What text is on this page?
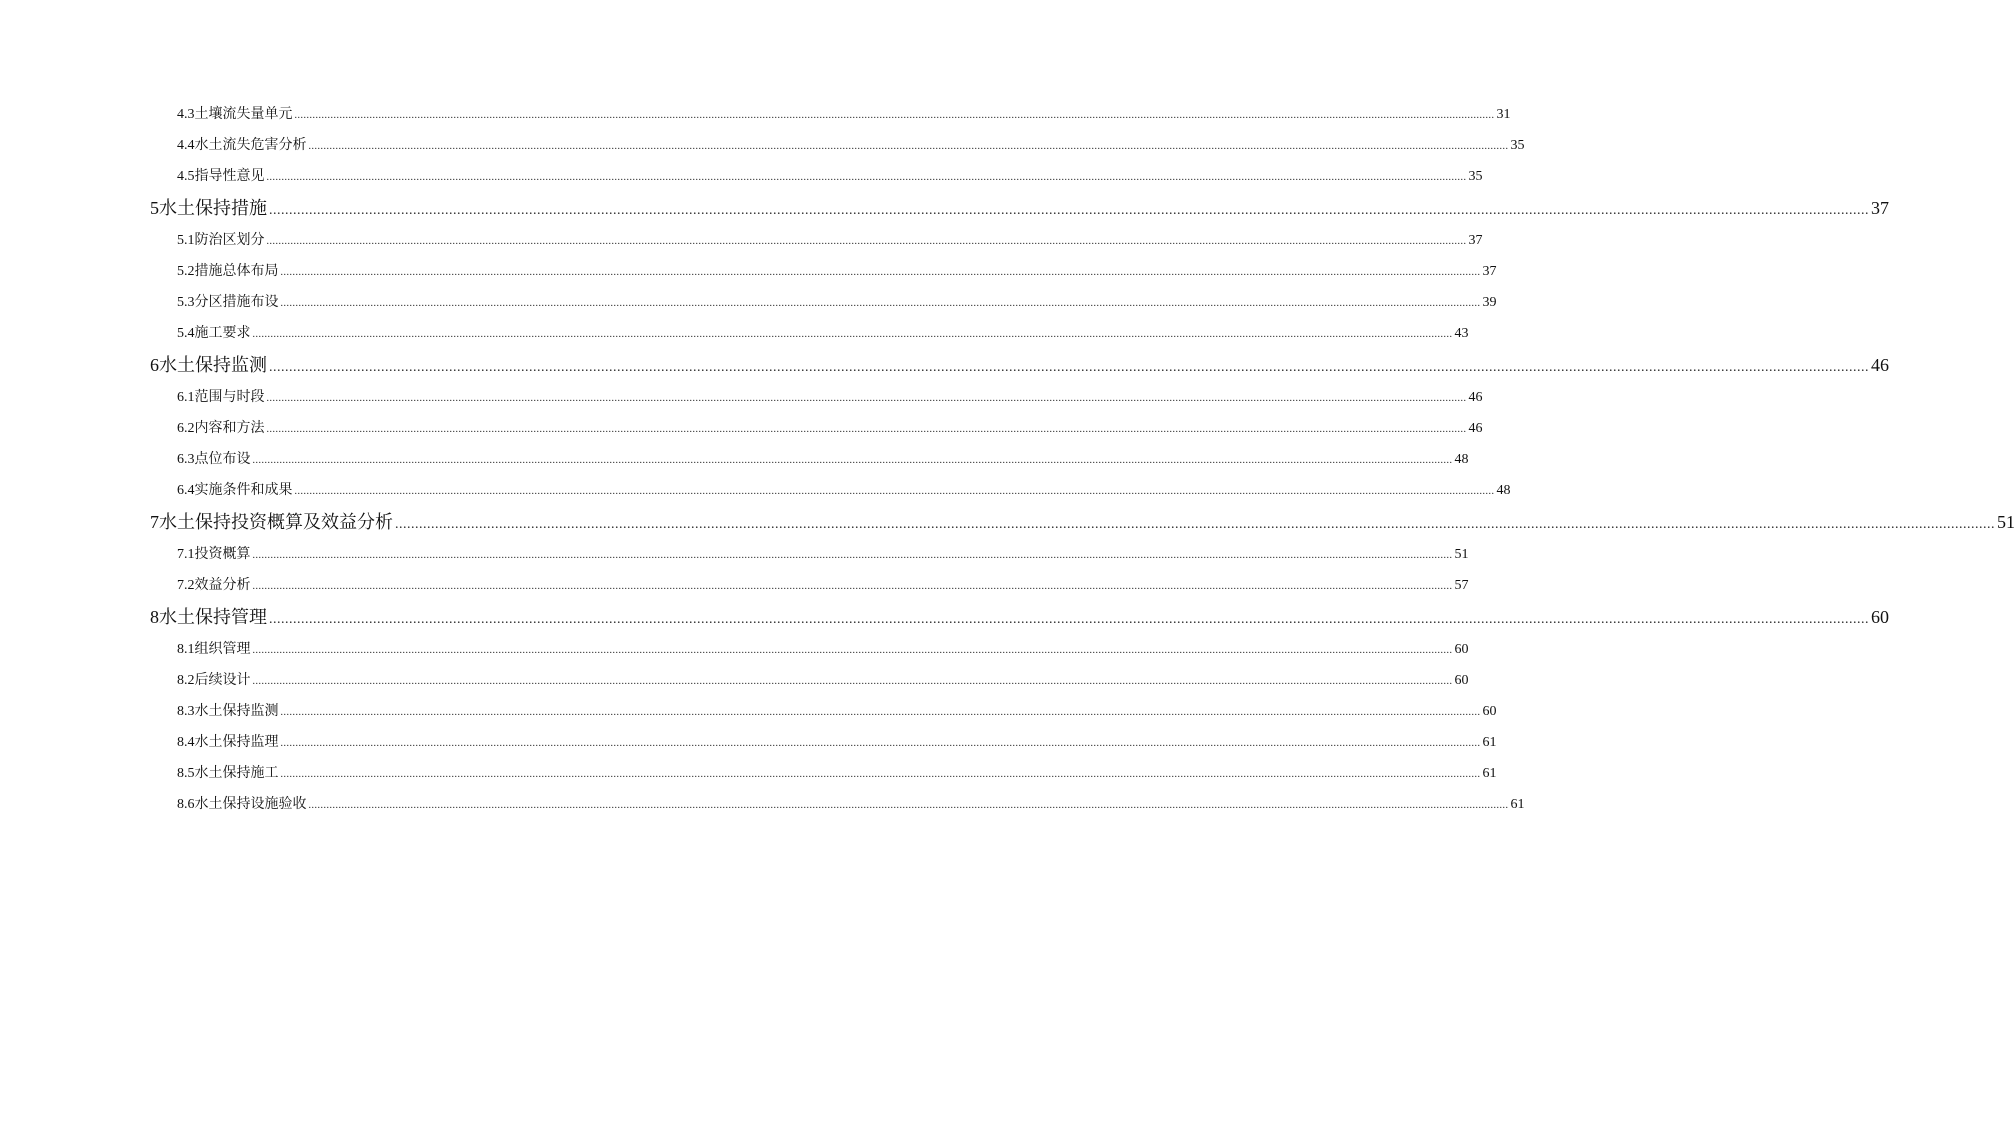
4.3 土壤流失量单元 ................................................................................................................................................................................................................................................................................................................................................................................................................ 31
4.4 水土流失危害分析 ................................................................................................................................................................................................................................................................................................................................................................................................................ 35
4.5 指导性意见 ................................................................................................................................................................................................................................................................................................................................................................................................................ 35
5 水土保持措施 ................................................................................................................................................................................................................................................................................................................................................................................................................ 37
5.1 防治区划分 ................................................................................................................................................................................................................................................................................................................................................................................................................ 37
5.2 措施总体布局 ................................................................................................................................................................................................................................................................................................................................................................................................................ 37
5.3 分区措施布设 ................................................................................................................................................................................................................................................................................................................................................................................................................ 39
5.4 施工要求 ................................................................................................................................................................................................................................................................................................................................................................................................................ 43
6 水土保持监测 ................................................................................................................................................................................................................................................................................................................................................................................................................ 46
6.1 范围与时段 ................................................................................................................................................................................................................................................................................................................................................................................................................ 46
6.2 内容和方法 ................................................................................................................................................................................................................................................................................................................................................................................................................ 46
6.3 点位布设 ................................................................................................................................................................................................................................................................................................................................................................................................................ 48
6.4 实施条件和成果 ................................................................................................................................................................................................................................................................................................................................................................................................................ 48
7 水土保持投资概算及效益分析 ................................................................................................................................................................................................................................................................................................................................................................................................................ 51
7.1 投资概算 ................................................................................................................................................................................................................................................................................................................................................................................................................ 51
7.2 效益分析 ................................................................................................................................................................................................................................................................................................................................................................................................................ 57
8 水土保持管理 ................................................................................................................................................................................................................................................................................................................................................................................................................ 60
8.1 组织管理 ................................................................................................................................................................................................................................................................................................................................................................................................................ 60
8.2 后续设计 ................................................................................................................................................................................................................................................................................................................................................................................................................ 60
8.3 水土保持监测 ................................................................................................................................................................................................................................................................................................................................................................................................................ 60
8.4 水土保持监理 ................................................................................................................................................................................................................................................................................................................................................................................................................ 61
8.5 水土保持施工 ................................................................................................................................................................................................................................................................................................................................................................................................................ 61
8.6 水土保持设施验收 ................................................................................................................................................................................................................................................................................................................................................................................................................ 61
